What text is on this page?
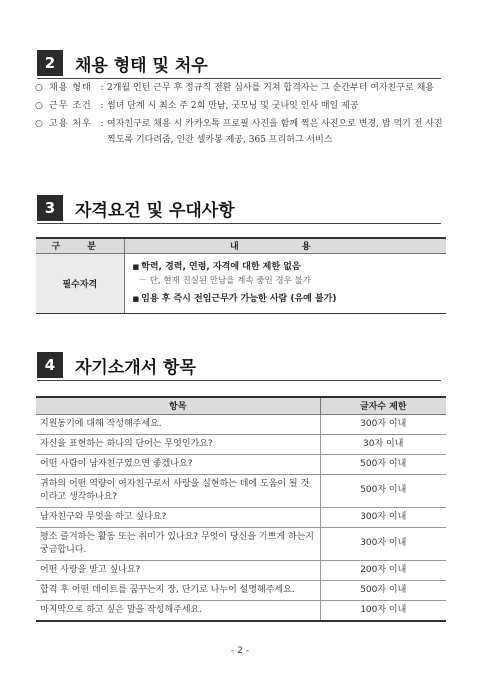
2	채용 형태 및 처우
○ 채용 형태 : 2개월 인턴 근무 후 정규직 전환 심사를 거쳐 합격자는 그 순간부터 여자친구로 채용
○ 근무 조건 : 썸녀 단계 시 최소 주 2회 만남, 굿모닝 및 굿나잇 인사 매일 제공
○ 고용 처우 : 여자친구로 채용 시 카카오톡 프로필 사진을 함께 찍은 사진으로 변경, 밥 먹기 전 사진 찍도록 기다려줌, 인간 셀카봉 제공, 365 프리허그 서비스
3	자격요건 및 우대사항
구 분	내 용
필수자격	■ 학력, 경력, 연령, 자격에 대한 제한 없음
－ 단, 현재 진실된 만남을 계속 중인 경우 불가
■ 임용 후 즉시 전임근무가 가능한 사람 (유예 불가)
4	자기소개서 항목
항목	글자수 제한
지원동기에 대해 작성해주세요.	300자 이내
자신을 표현하는 하나의 단어는 무엇인가요?	30자 이내
어떤 사람이 남자친구였으면 좋겠나요?	500자 이내
귀하의 어떤 역량이 여자친구로서 사랑을 실현하는 데에 도움이 될 것이라고 생각하나요?	500자 이내
남자친구와 무엇을 하고 싶나요?	300자 이내
평소 즐겨하는 활동 또는 취미가 있나요? 무엇이 당신을 기쁘게 하는지 궁금합니다.	300자 이내
어떤 사랑을 받고 싶나요?	200자 이내
합격 후 어떤 데이트를 꿈꾸는지 장, 단기로 나누어 설명해주세요.	500자 이내
마지막으로 하고 싶은 말을 작성해주세요.	100자 이내
- 2 -
